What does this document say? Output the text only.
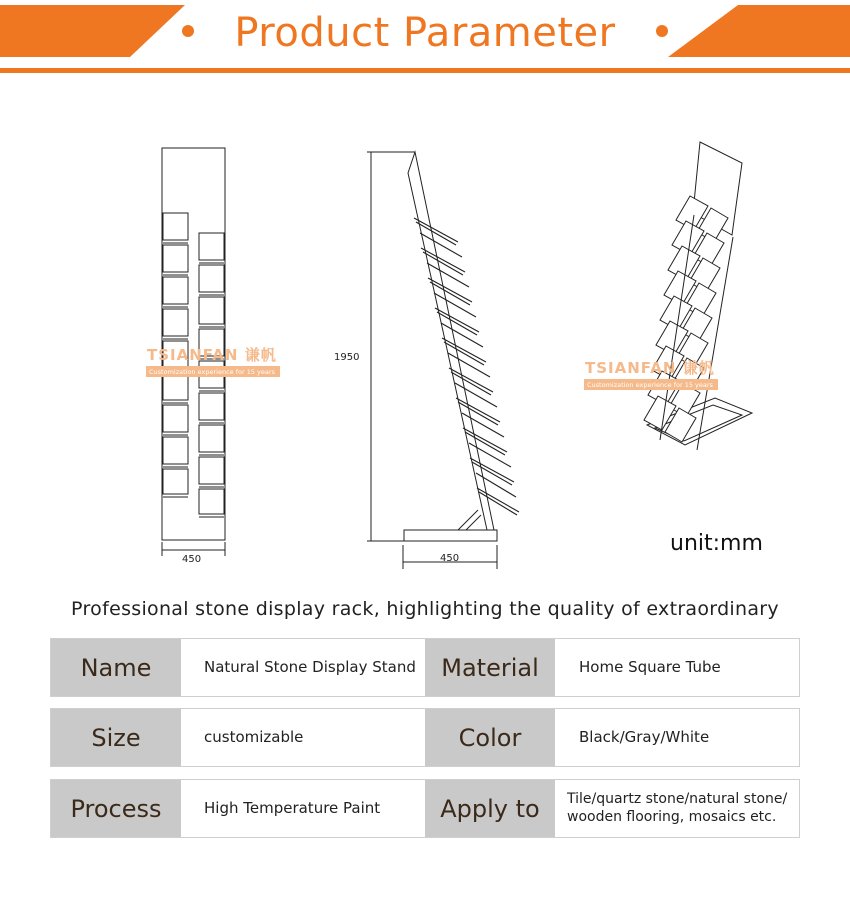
Product Parameter
450
1950
450
TSIANFAN 谦帆
Customization experience for 15 years	TSIANFAN 谦帆
Customization experience for 15 years
unit:mm
Professional stone display rack, highlighting the quality of extraordinary
Name	Natural Stone Display Stand	Material	Home Square Tube
Size	customizable	Color	Black/Gray/White
Process	High Temperature Paint	Apply to	Tile/quartz stone/natural stone/
wooden flooring, mosaics etc.
